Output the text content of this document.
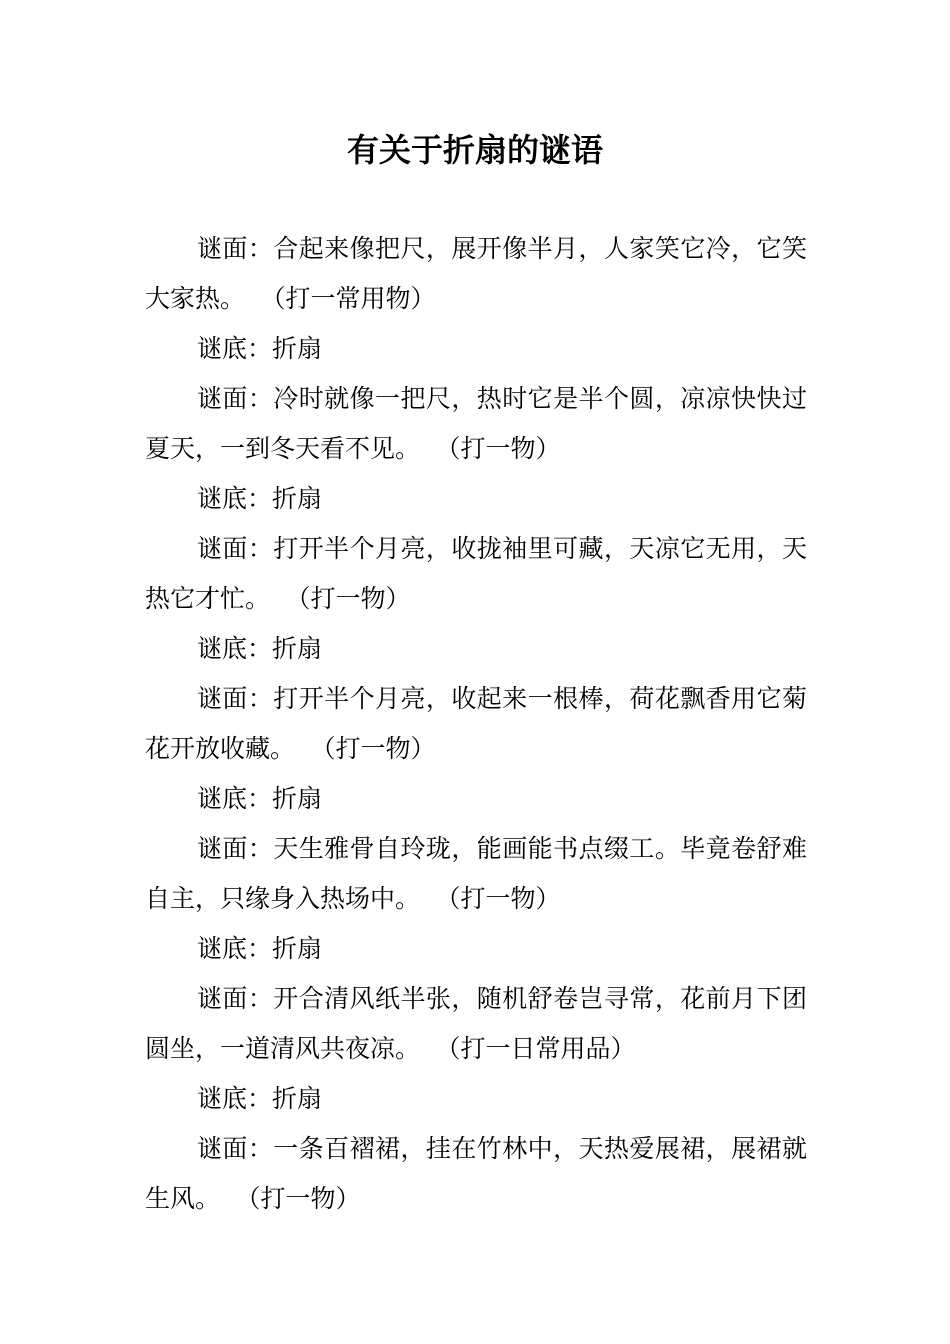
有关于折扇的谜语

谜面：合起来像把尺，展开像半月，人家笑它冷，它笑大家热。 （打一常用物）

谜底：折扇

谜面：冷时就像一把尺，热时它是半个圆，凉凉快快过夏天，一到冬天看不见。 （打一物）

谜底：折扇

谜面：打开半个月亮，收拢袖里可藏，天凉它无用，天热它才忙。 （打一物）

谜底：折扇

谜面：打开半个月亮，收起来一根棒，荷花飘香用它菊花开放收藏。 （打一物）

谜底：折扇

谜面：天生雅骨自玲珑，能画能书点缀工。毕竟卷舒难自主，只缘身入热场中。 （打一物）

谜底：折扇

谜面：开合清风纸半张，随机舒卷岂寻常，花前月下团圆坐，一道清风共夜凉。 （打一日常用品）

谜底：折扇

谜面：一条百褶裙，挂在竹林中，天热爱展裙，展裙就生风。 （打一物）
